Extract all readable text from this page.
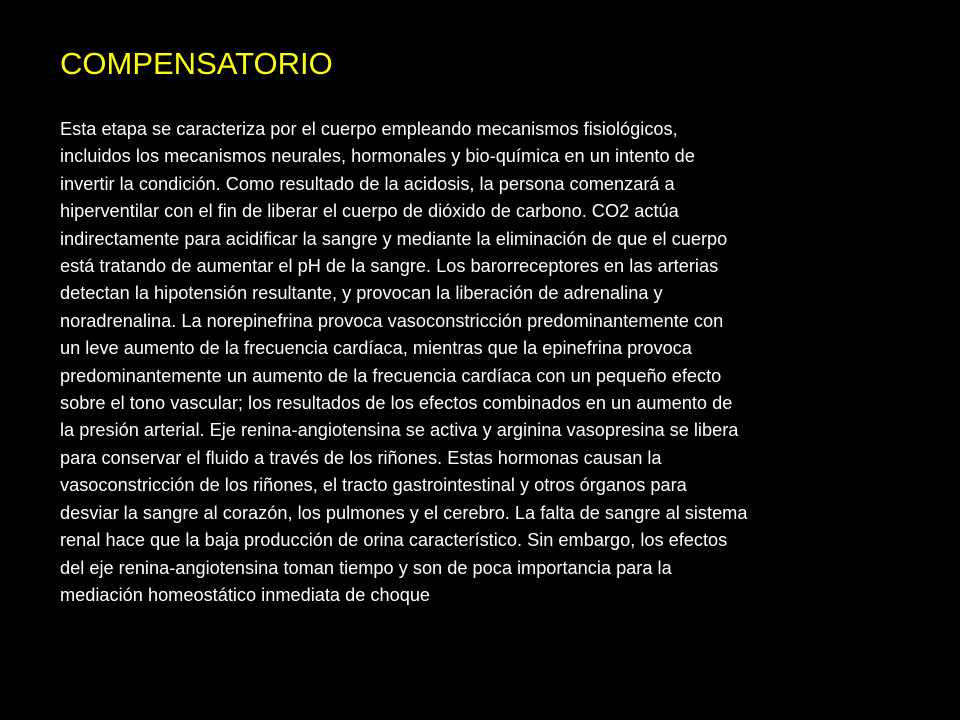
COMPENSATORIO
Esta etapa se caracteriza por el cuerpo empleando mecanismos fisiológicos,
incluidos los mecanismos neurales, hormonales y bio-química en un intento de
invertir la condición. Como resultado de la acidosis, la persona comenzará a
hiperventilar con el fin de liberar el cuerpo de dióxido de carbono. CO2 actúa
indirectamente para acidificar la sangre y mediante la eliminación de que el cuerpo
está tratando de aumentar el pH de la sangre. Los barorreceptores en las arterias
detectan la hipotensión resultante, y provocan la liberación de adrenalina y
noradrenalina. La norepinefrina provoca vasoconstricción predominantemente con
un leve aumento de la frecuencia cardíaca, mientras que la epinefrina provoca
predominantemente un aumento de la frecuencia cardíaca con un pequeño efecto
sobre el tono vascular; los resultados de los efectos combinados en un aumento de
la presión arterial. Eje renina-angiotensina se activa y arginina vasopresina se libera
para conservar el fluido a través de los riñones. Estas hormonas causan la
vasoconstricción de los riñones, el tracto gastrointestinal y otros órganos para
desviar la sangre al corazón, los pulmones y el cerebro. La falta de sangre al sistema
renal hace que la baja producción de orina característico. Sin embargo, los efectos
del eje renina-angiotensina toman tiempo y son de poca importancia para la
mediación homeostático inmediata de choque
